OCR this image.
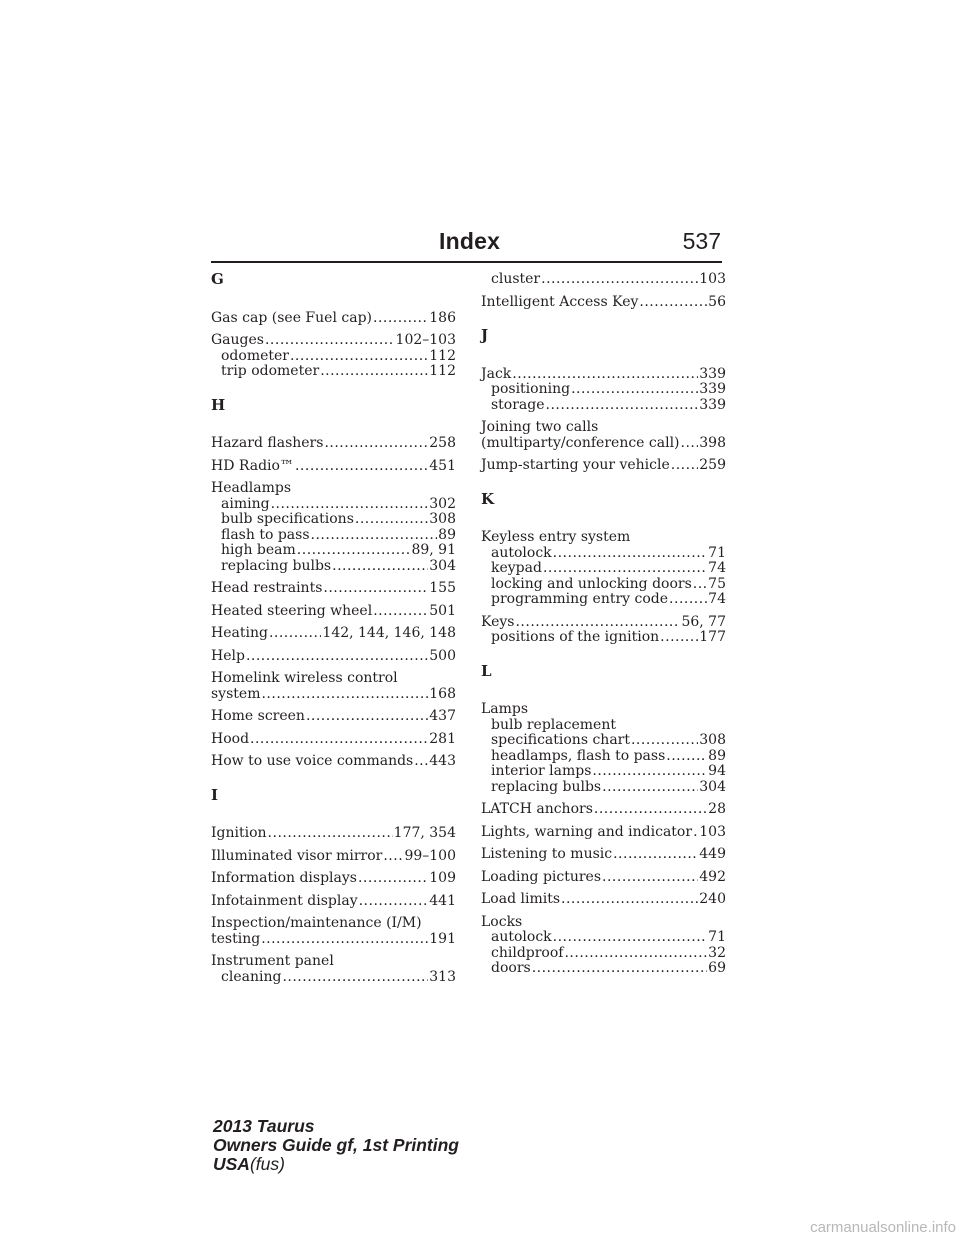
Index	537
G
Gas cap (see Fuel cap) .....	186
Gauges .....	102–103
odometer .....	112
trip odometer .....	112
H
Hazard flashers .....	258
HD Radio™ .....	451
Headlamps
aiming .....	302
bulb specifications .....	308
flash to pass .....	89
high beam .....	89, 91
replacing bulbs .....	304
Head restraints .....	155
Heated steering wheel .....	501
Heating .....	142, 144, 146, 148
Help .....	500
Homelink wireless control
system .....	168
Home screen .....	437
Hood .....	281
How to use voice commands ..... 443
I
Ignition .....	177, 354
Illuminated visor mirror ..... 99–100
Information displays .....	109
Infotainment display .....	441
Inspection/maintenance (I/M)
testing .....	191
Instrument panel
cleaning .....	313
cluster .....	103
Intelligent Access Key .....	56
J
Jack .....	339
positioning .....	339
storage .....	339
Joining two calls
(multiparty/conference call) ..... 398
Jump-starting your vehicle ..... 259
K
Keyless entry system
autolock .....	71
keypad .....	74
locking and unlocking doors ..... 75
programming entry code .....	74
Keys .....	56, 77
positions of the ignition .....	177
L
Lamps
bulb replacement
specifications chart .....	308
headlamps, flash to pass .....	89
interior lamps .....	94
replacing bulbs .....	304
LATCH anchors .....	28
Lights, warning and indicator ..... 103
Listening to music .....	449
Loading pictures .....	492
Load limits .....	240
Locks
autolock .....	71
childproof .....	32
doors .....	69
2013 Taurus
Owners Guide gf, 1st Printing
USA(fus)
carmanualsonline.info
